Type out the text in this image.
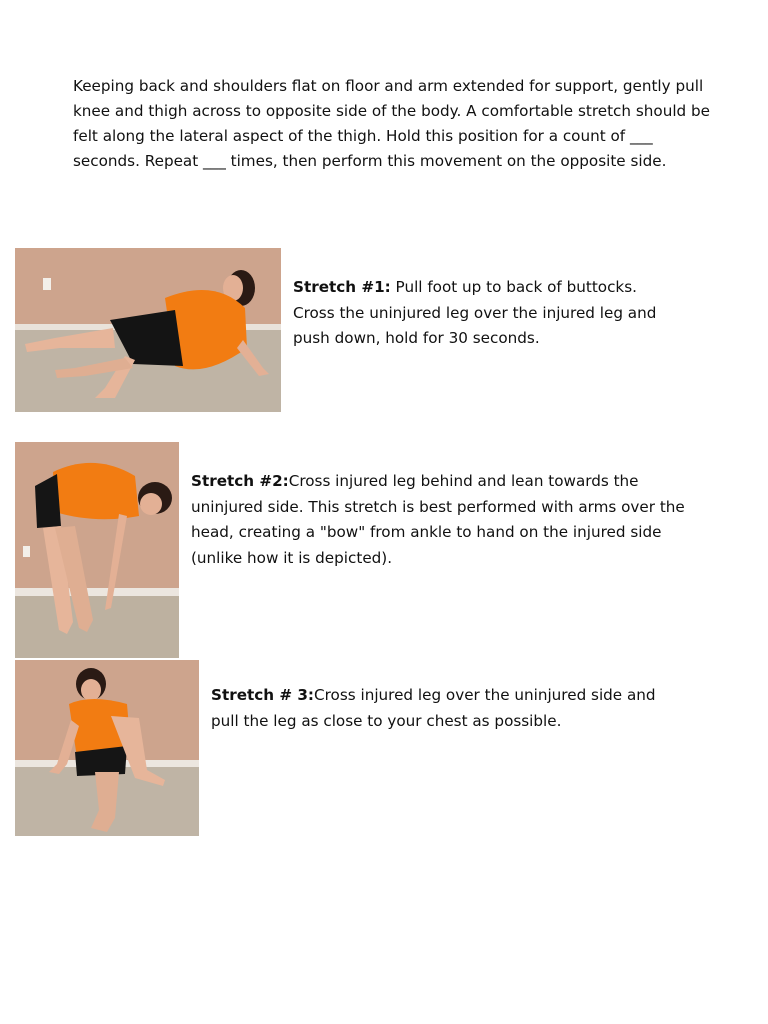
Keeping back and shoulders flat on floor and arm extended for support, gently pull knee and thigh across to opposite side of the body. A comfortable stretch should be felt along the lateral aspect of the thigh. Hold this position for a count of ___ seconds. Repeat ___ times, then perform this movement on the opposite side.
Stretch #1: Pull foot up to back of buttocks. Cross the uninjured leg over the injured leg and push down, hold for 30 seconds.
Stretch #2:Cross injured leg behind and lean towards the uninjured side. This stretch is best performed with arms over the head, creating a "bow" from ankle to hand on the injured side (unlike how it is depicted).
Stretch # 3:Cross injured leg over the uninjured side and pull the leg as close to your chest as possible.
